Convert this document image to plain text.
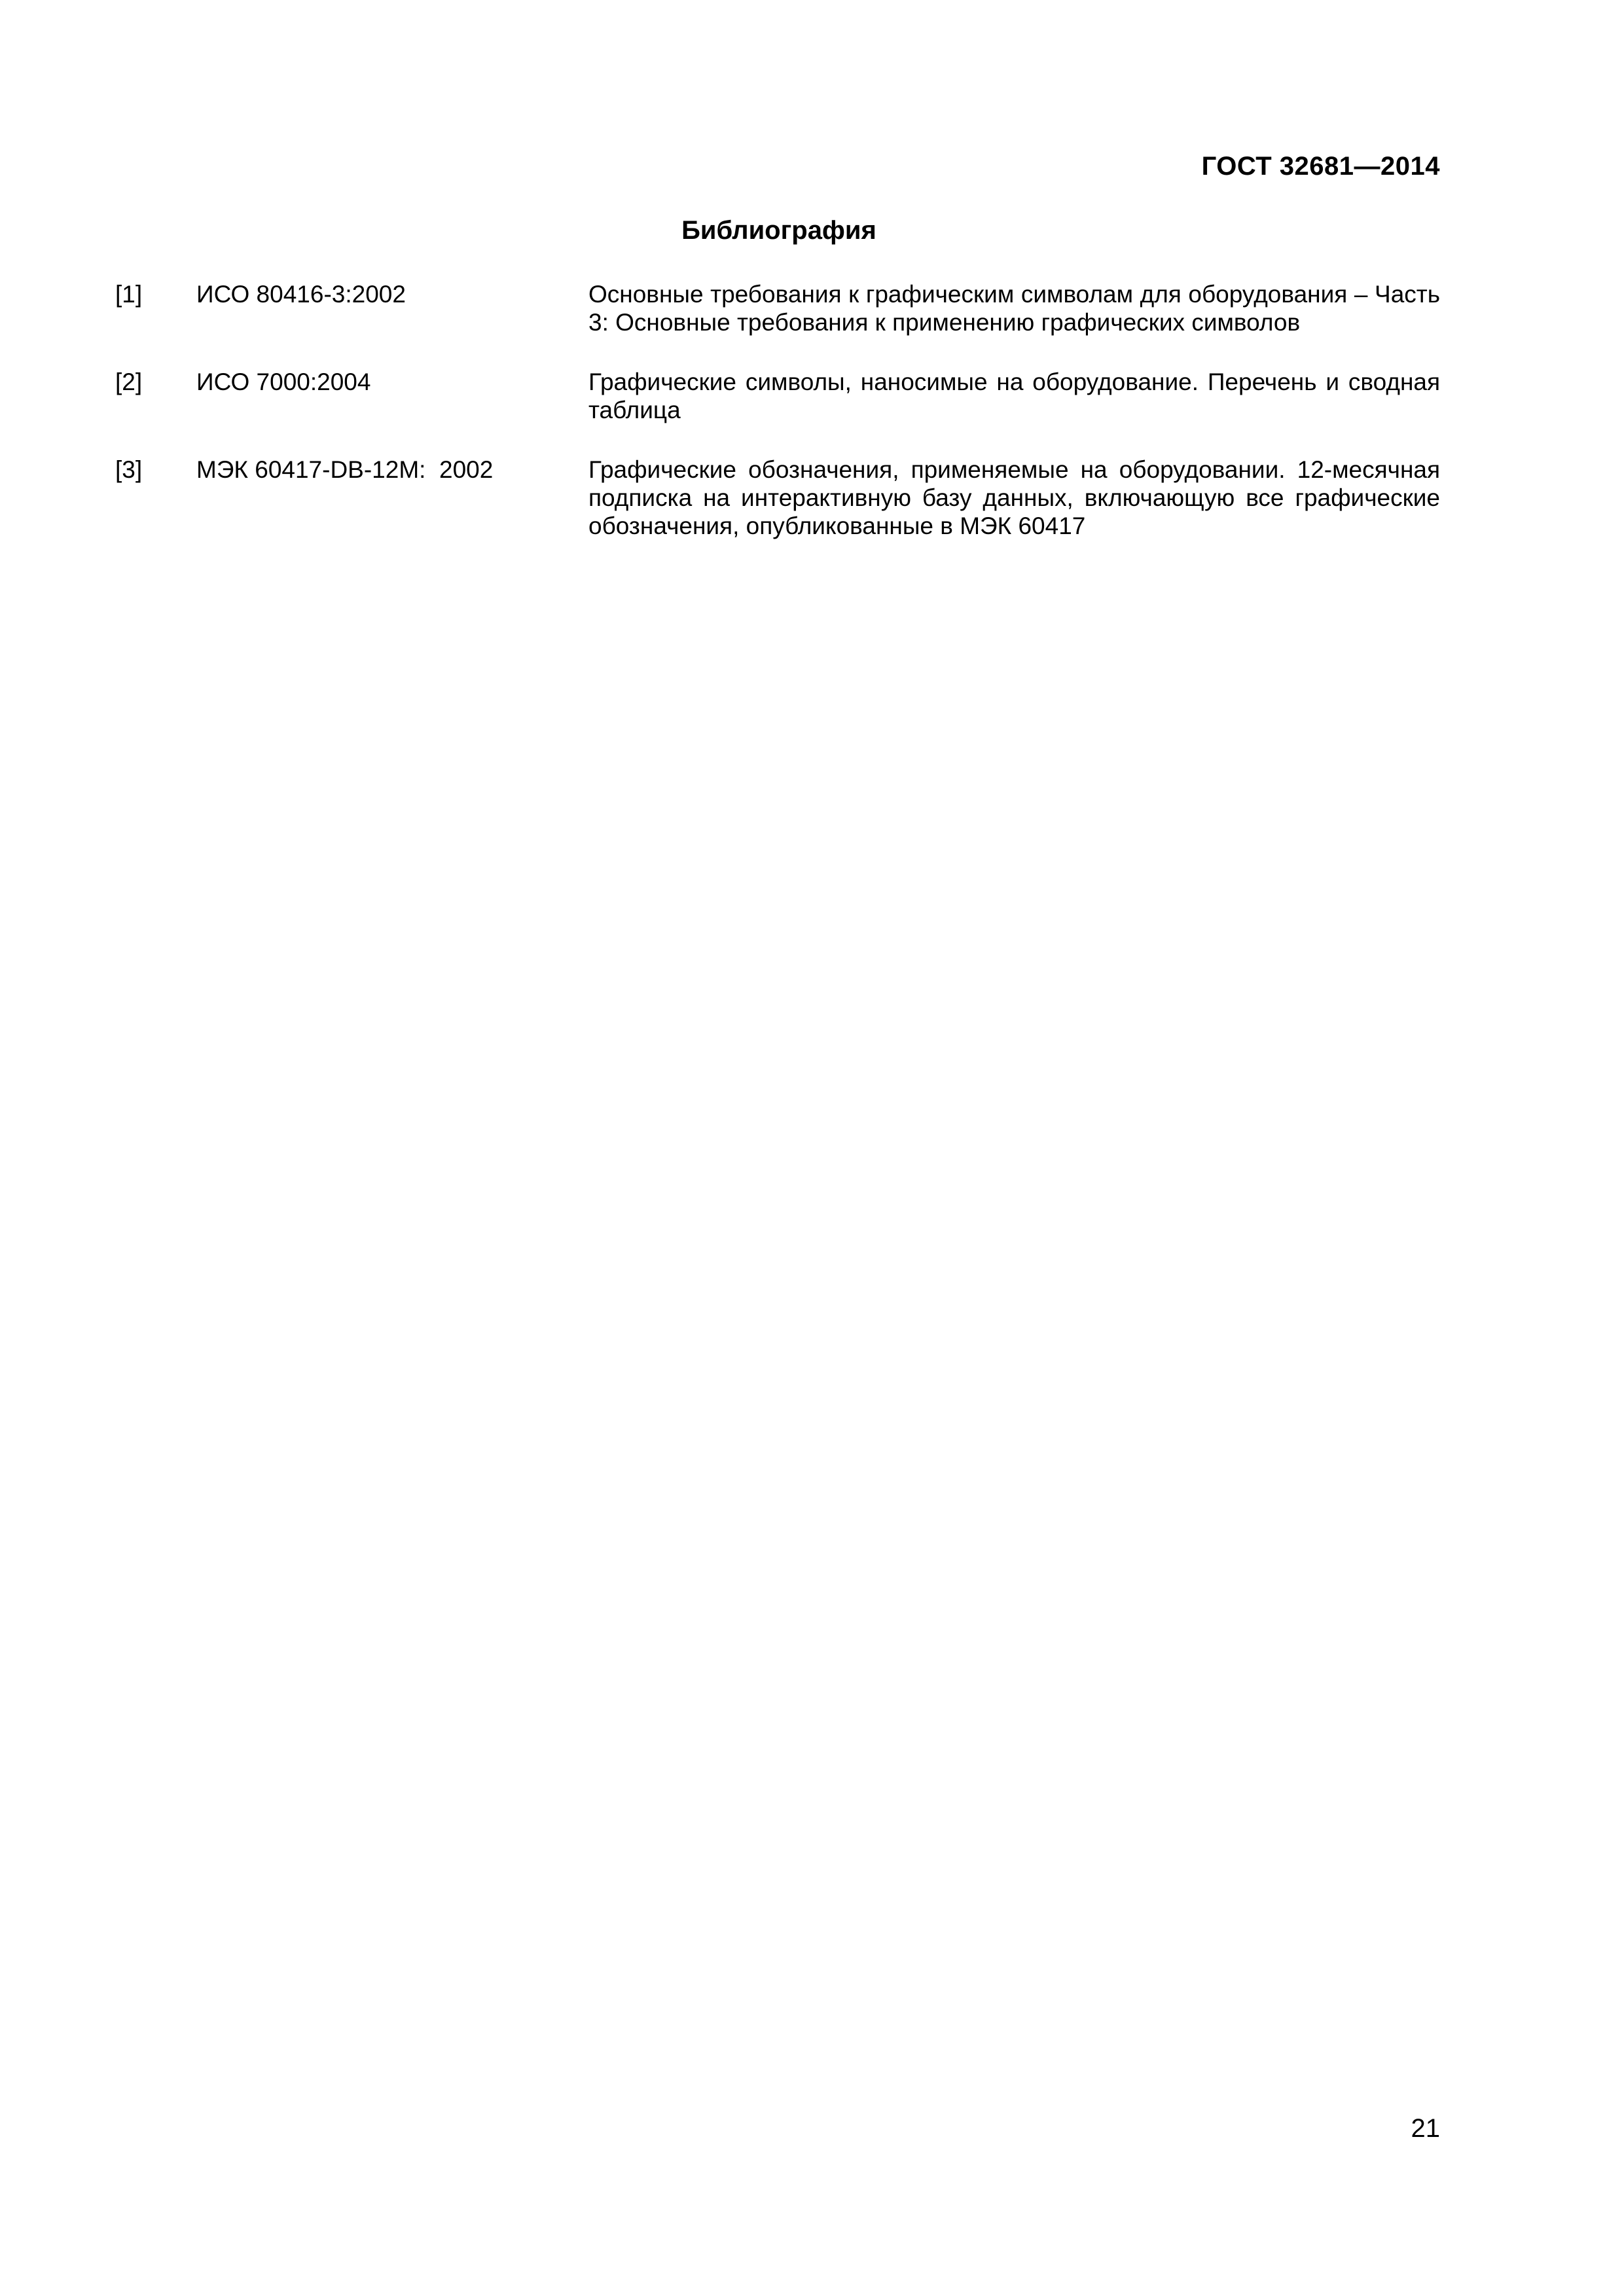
ГОСТ 32681—2014
Библиография
[1] ИСО 80416-3:2002	Основные требования к графическим символам для оборудования – Часть 3: Основные требования к применению графических символов
[2] ИСО 7000:2004	Графические символы, наносимые на оборудование. Перечень и сводная таблица
[3] МЭК 60417-DB-12M:  2002	Графические обозначения, применяемые на оборудовании. 12-месячная подписка на интерактивную базу данных, включающую все графические обозначения, опубликованные в МЭК 60417
21
